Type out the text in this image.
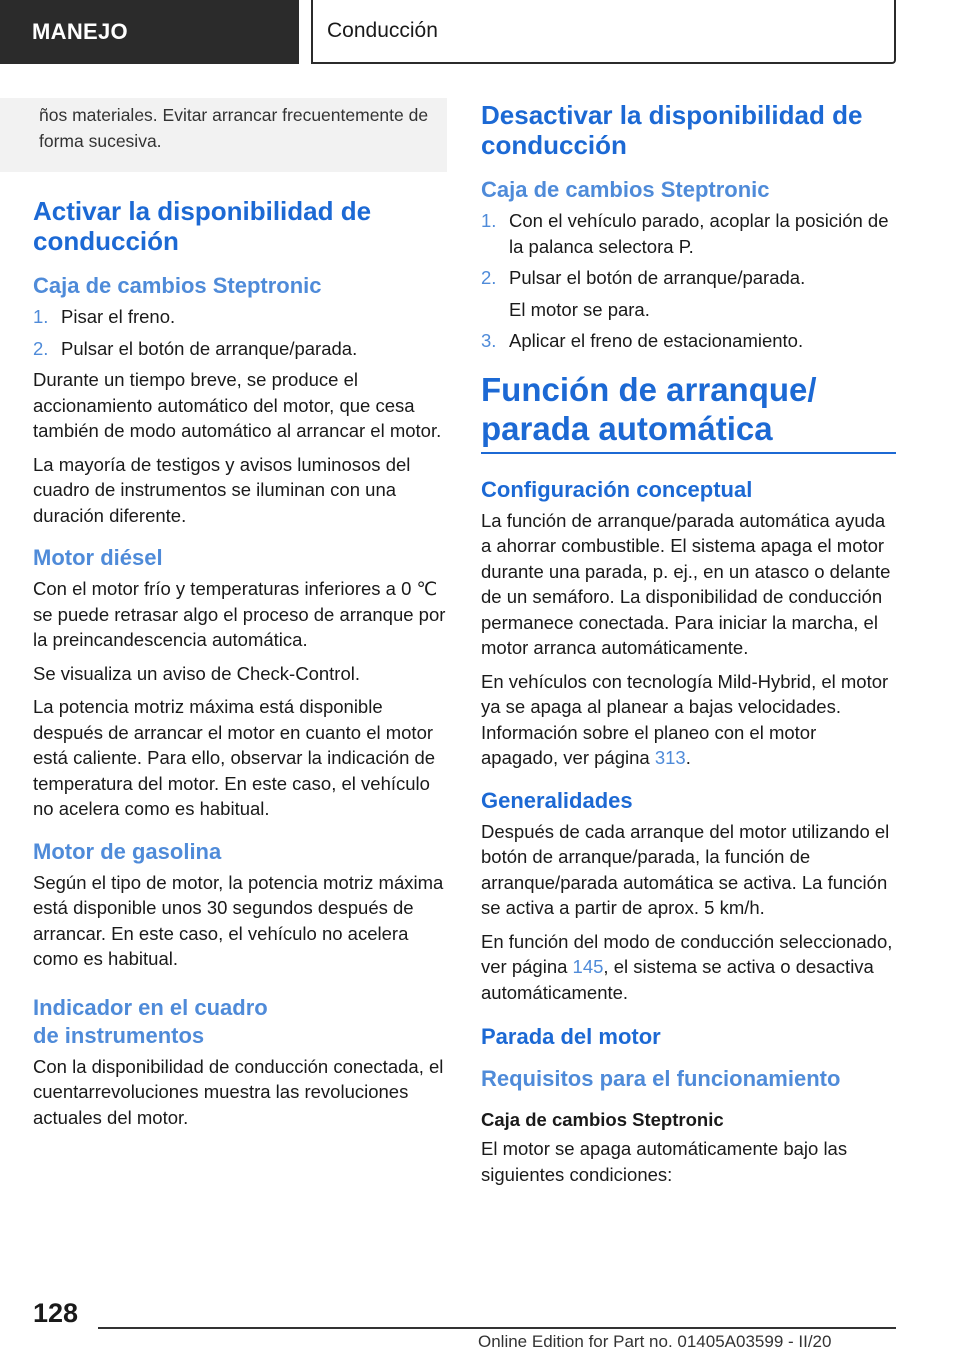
MANEJO	Conducción
ños materiales. Evitar arrancar frecuentemente de forma sucesiva.
Activar la disponibilidad de conducción
Caja de cambios Steptronic
1. Pisar el freno.
2. Pulsar el botón de arranque/parada.

Durante un tiempo breve, se produce el accionamiento automático del motor, que cesa también de modo automático al arrancar el motor.

La mayoría de testigos y avisos luminosos del cuadro de instrumentos se iluminan con una duración diferente.

Motor diésel

Con el motor frío y temperaturas inferiores a 0 ℃ se puede retrasar algo el proceso de arranque por la preincandescencia automática.

Se visualiza un aviso de Check-Control.

La potencia motriz máxima está disponible después de arrancar el motor en cuanto el motor está caliente. Para ello, observar la indicación de temperatura del motor. En este caso, el vehículo no acelera como es habitual.

Motor de gasolina

Según el tipo de motor, la potencia motriz máxima está disponible unos 30 segundos después de arrancar. En este caso, el vehículo no acelera como es habitual.

Indicador en el cuadro
de instrumentos

Con la disponibilidad de conducción conectada, el cuentarrevoluciones muestra las revoluciones actuales del motor.

Desactivar la disponibilidad de conducción
Caja de cambios Steptronic
1. Con el vehículo parado, acoplar la posición de la palanca selectora P.
2. Pulsar el botón de arranque/parada.
El motor se para.
3. Aplicar el freno de estacionamiento.
Función de arranque/
parada automática
Configuración conceptual

La función de arranque/parada automática ayuda a ahorrar combustible. El sistema apaga el motor durante una parada, p. ej., en un atasco o delante de un semáforo. La disponibilidad de conducción permanece conectada. Para iniciar la marcha, el motor arranca automáticamente.

En vehículos con tecnología Mild-Hybrid, el motor ya se apaga al planear a bajas velocidades. Información sobre el planeo con el motor apagado, ver página 313.

Generalidades

Después de cada arranque del motor utilizando el botón de arranque/parada, la función de arranque/parada automática se activa. La función se activa a partir de aprox. 5 km/h.

En función del modo de conducción seleccionado, ver página 145, el sistema se activa o desactiva automáticamente.

Parada del motor
Requisitos para el funcionamiento
Caja de cambios Steptronic

El motor se apaga automáticamente bajo las siguientes condiciones:

128
Online Edition for Part no. 01405A03599 - II/20
